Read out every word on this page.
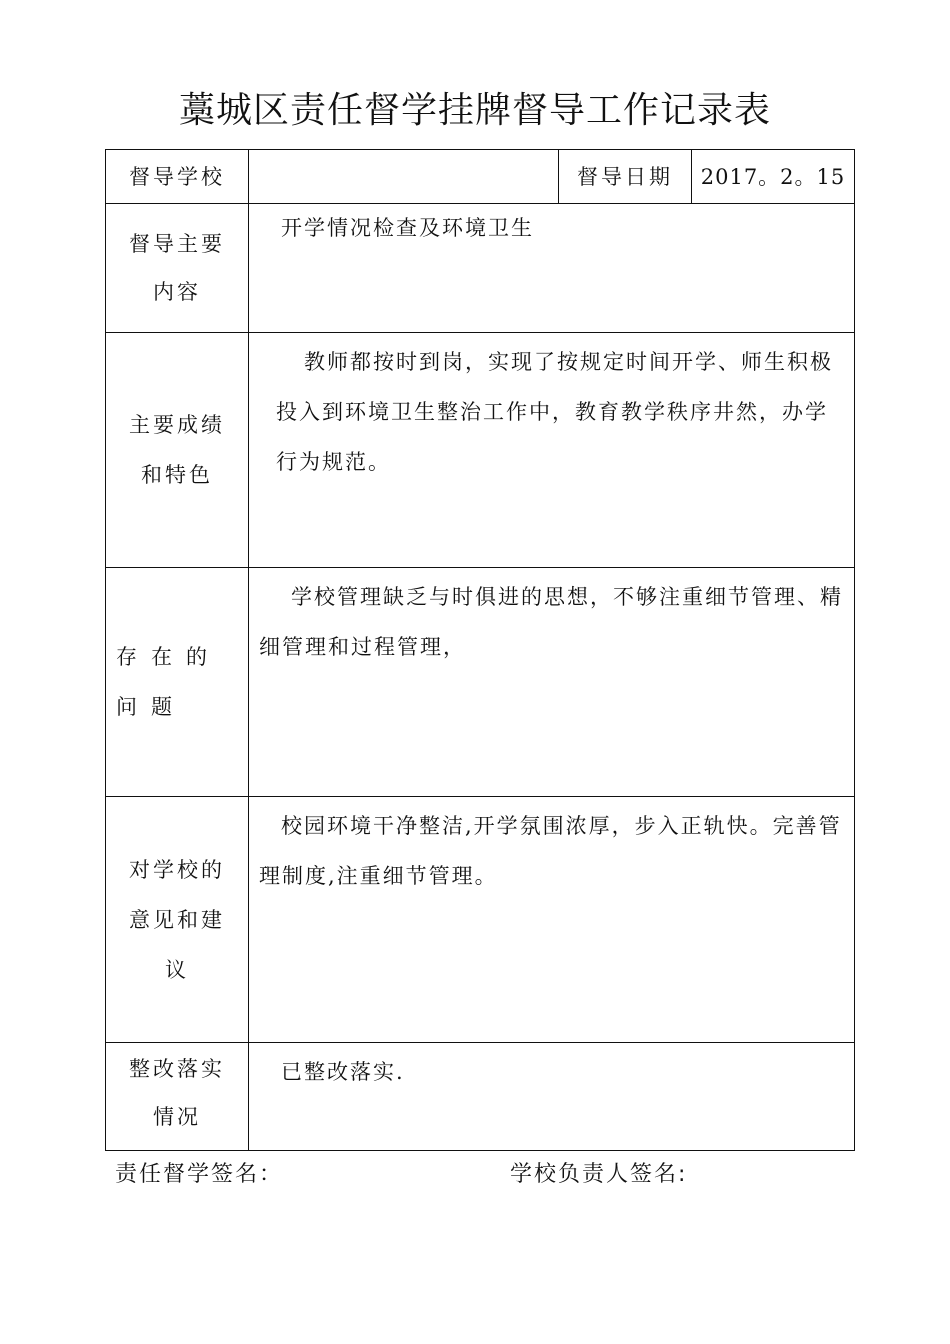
藁城区责任督学挂牌督导工作记录表
督导学校		督导日期	2017。2。15

督导主要内容	开学情况检查及环境卫生		

主要成绩和特色	教师都按时到岗，实现了按规定时间开学、师生积极投入到环境卫生整治工作中，教育教学秩序井然，办学行为规范。		

存在的问题	学校管理缺乏与时俱进的思想，不够注重细节管理、精细管理和过程管理，		

对学校的意见和建议	校园环境干净整洁,开学氛围浓厚，步入正轨快。完善管理制度,注重细节管理。		

整改落实情况	已整改落实.		
责任督学签名：	学校负责人签名:
